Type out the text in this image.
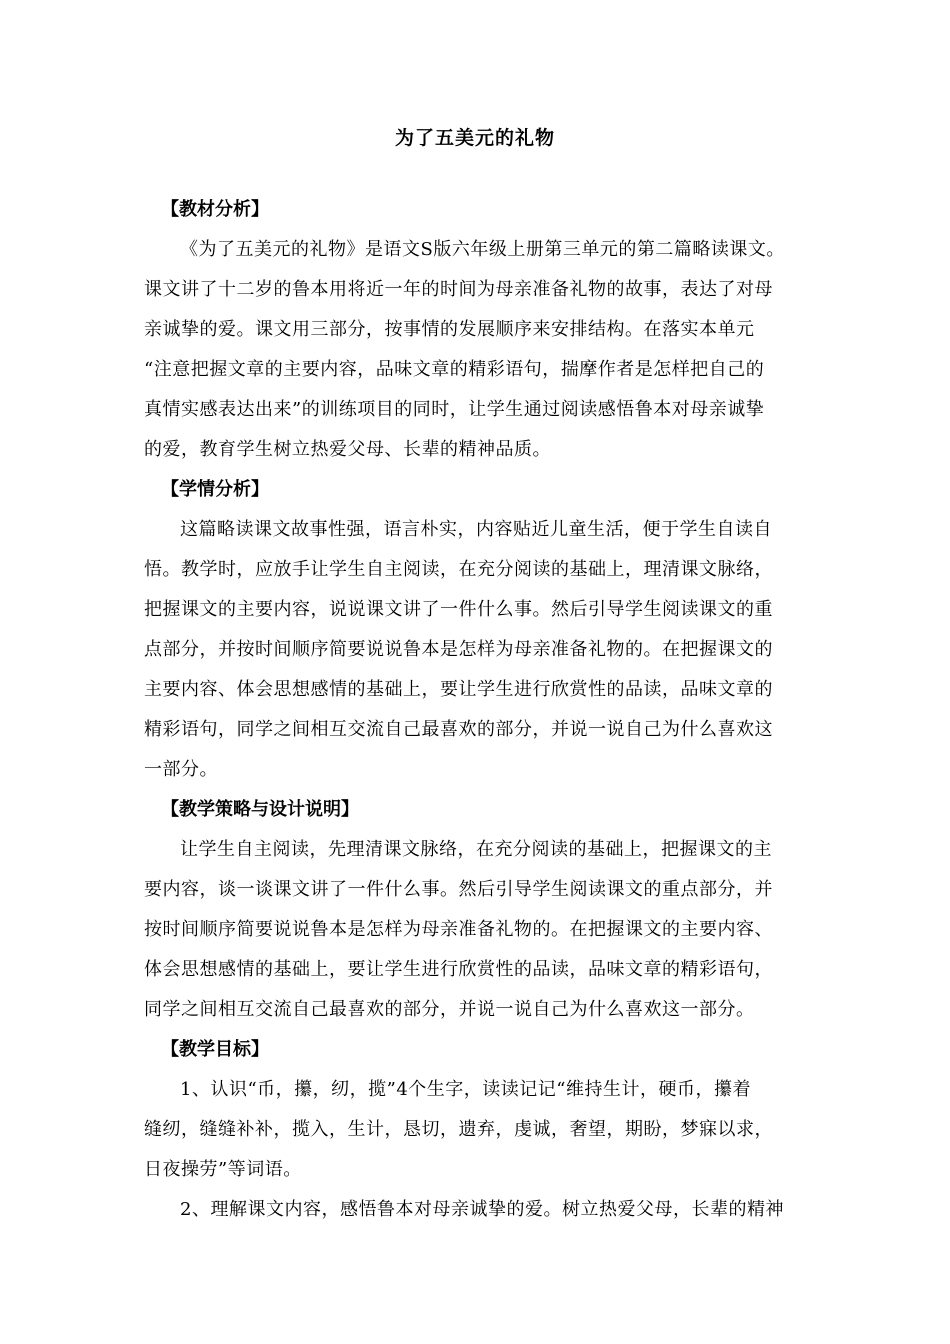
为了五美元的礼物
【教材分析】
《为了五美元的礼物》是语文S版六年级上册第三单元的第二篇略读课文。
课文讲了十二岁的鲁本用将近一年的时间为母亲准备礼物的故事，表达了对母
亲诚挚的爱。课文用三部分，按事情的发展顺序来安排结构。在落实本单元
“注意把握文章的主要内容，品味文章的精彩语句，揣摩作者是怎样把自己的
真情实感表达出来”的训练项目的同时，让学生通过阅读感悟鲁本对母亲诚挚
的爱，教育学生树立热爱父母、长辈的精神品质。
【学情分析】
这篇略读课文故事性强，语言朴实，内容贴近儿童生活，便于学生自读自
悟。教学时，应放手让学生自主阅读，在充分阅读的基础上，理清课文脉络，
把握课文的主要内容，说说课文讲了一件什么事。然后引导学生阅读课文的重
点部分，并按时间顺序简要说说鲁本是怎样为母亲准备礼物的。在把握课文的
主要内容、体会思想感情的基础上，要让学生进行欣赏性的品读，品味文章的
精彩语句，同学之间相互交流自己最喜欢的部分，并说一说自己为什么喜欢这
一部分。
【教学策略与设计说明】
让学生自主阅读，先理清课文脉络，在充分阅读的基础上，把握课文的主
要内容，谈一谈课文讲了一件什么事。然后引导学生阅读课文的重点部分，并
按时间顺序简要说说鲁本是怎样为母亲准备礼物的。在把握课文的主要内容、
体会思想感情的基础上，要让学生进行欣赏性的品读，品味文章的精彩语句，
同学之间相互交流自己最喜欢的部分，并说一说自己为什么喜欢这一部分。
【教学目标】
1、认识“币，攥，纫，揽”4个生字，读读记记“维持生计，硬币，攥着
缝纫，缝缝补补，揽入，生计，恳切，遗弃，虔诚，奢望，期盼，梦寐以求，
日夜操劳”等词语。
2、理解课文内容，感悟鲁本对母亲诚挚的爱。树立热爱父母，长辈的精神
